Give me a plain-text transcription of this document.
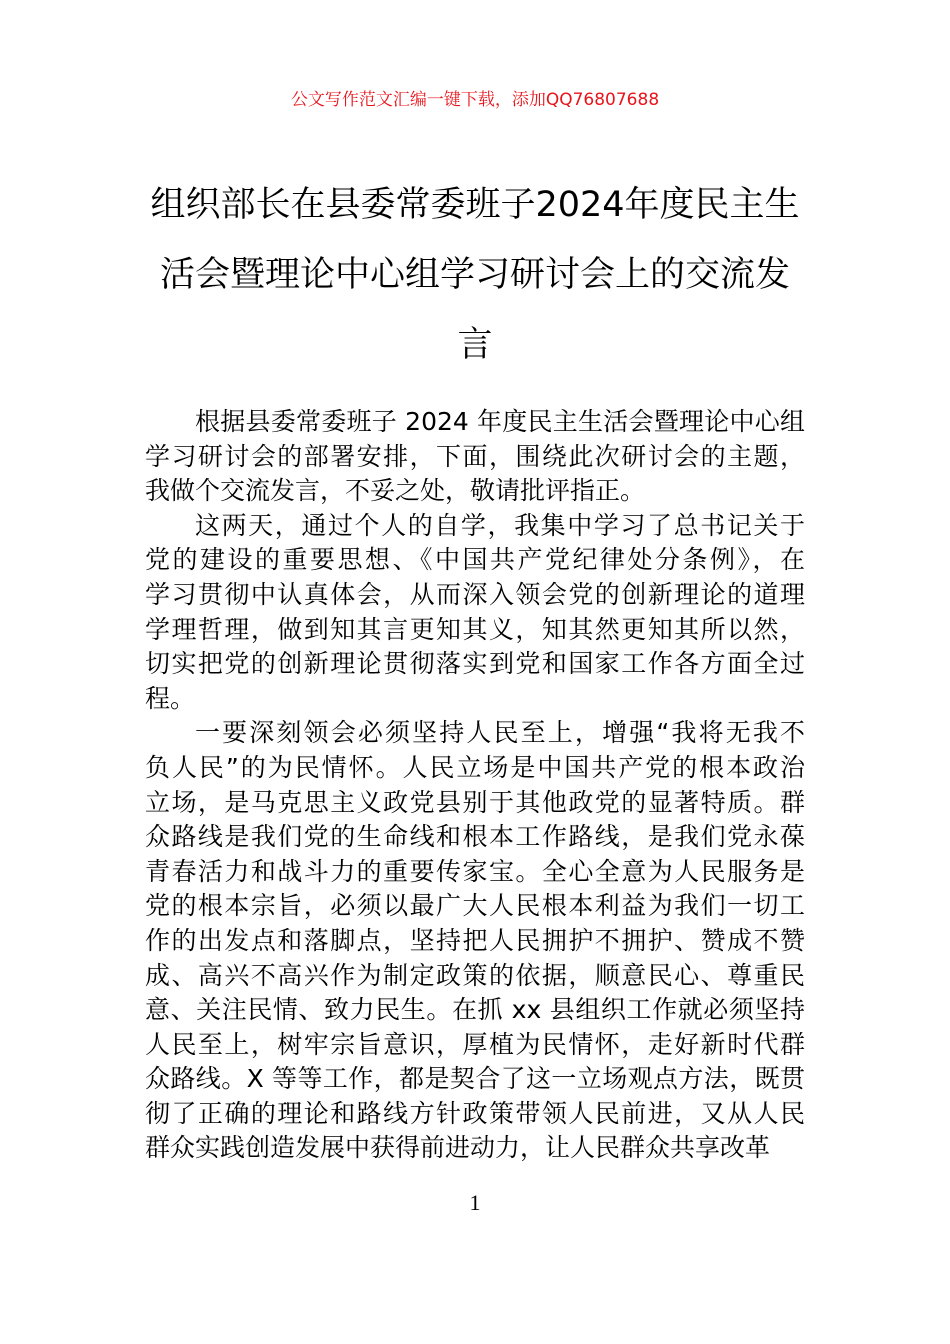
公文写作范文汇编一键下载，添加QQ76807688
组织部长在县委常委班子2024年度民主生
活会暨理论中心组学习研讨会上的交流发
言
根据县委常委班子 2024 年度民主生活会暨理论中心组
学习研讨会的部署安排，下面，围绕此次研讨会的主题，
我做个交流发言，不妥之处，敬请批评指正。
这两天，通过个人的自学，我集中学习了总书记关于
党的建设的重要思想、《中国共产党纪律处分条例》，在
学习贯彻中认真体会，从而深入领会党的创新理论的道理
学理哲理，做到知其言更知其义，知其然更知其所以然，
切实把党的创新理论贯彻落实到党和国家工作各方面全过
程。
一要深刻领会必须坚持人民至上，增强“我将无我不
负人民”的为民情怀。人民立场是中国共产党的根本政治
立场，是马克思主义政党县别于其他政党的显著特质。群
众路线是我们党的生命线和根本工作路线，是我们党永葆
青春活力和战斗力的重要传家宝。全心全意为人民服务是
党的根本宗旨，必须以最广大人民根本利益为我们一切工
作的出发点和落脚点，坚持把人民拥护不拥护、赞成不赞
成、高兴不高兴作为制定政策的依据，顺意民心、尊重民
意、关注民情、致力民生。在抓 xx 县组织工作就必须坚持
人民至上，树牢宗旨意识，厚植为民情怀，走好新时代群
众路线。X 等等工作，都是契合了这一立场观点方法，既贯
彻了正确的理论和路线方针政策带领人民前进，又从人民
群众实践创造发展中获得前进动力，让人民群众共享改革
1
